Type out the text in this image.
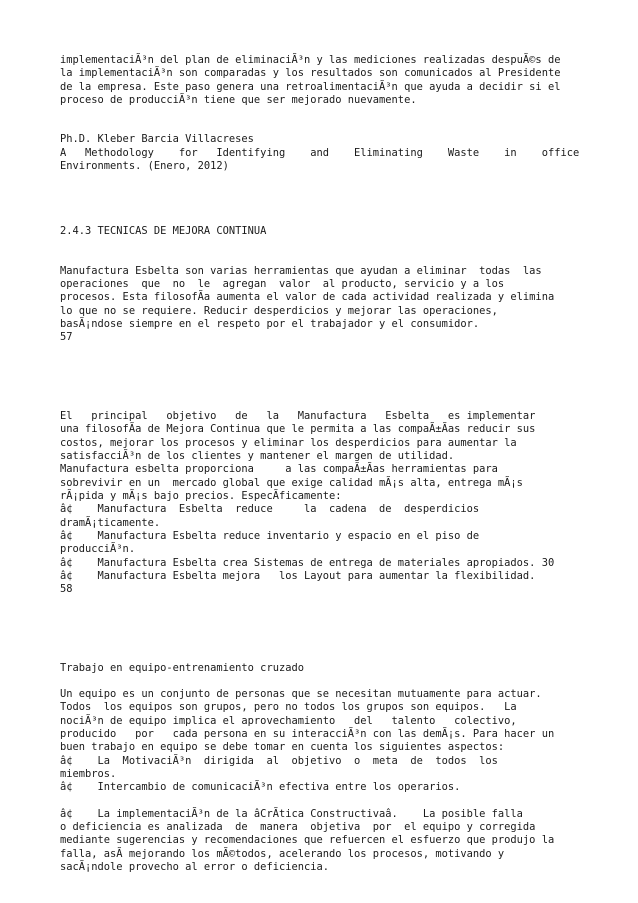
implementaciÃ³n del plan de eliminaciÃ³n y las mediciones realizadas despuÃ©s de

la implementaciÃ³n son comparadas y los resultados son comunicados al Presidente

de la empresa. Este paso genera una retroalimentaciÃ³n que ayuda a decidir si el

proceso de producciÃ³n tiene que ser mejorado nuevamente.

Ph.D. Kleber Barcia Villacreses

A   Methodology    for   Identifying    and    Eliminating    Waste    in    office

Environments. (Enero, 2012)

2.4.3 TECNICAS DE MEJORA CONTINUA

Manufactura Esbelta son varias herramientas que ayudan a eliminar  todas  las

operaciones  que  no  le  agregan  valor  al producto, servicio y a los

procesos. Esta filosofÃa aumenta el valor de cada actividad realizada y elimina

lo que no se requiere. Reducir desperdicios y mejorar las operaciones,

basÃ¡ndose siempre en el respeto por el trabajador y el consumidor.

57

El   principal   objetivo   de   la   Manufactura   Esbelta   es implementar

una filosofÃa de Mejora Continua que le permita a las compaÃ±Ãas reducir sus

costos, mejorar los procesos y eliminar los desperdicios para aumentar la

satisfacciÃ³n de los clientes y mantener el margen de utilidad.

Manufactura esbelta proporciona     a las compaÃ±Ãas herramientas para

sobrevivir en un  mercado global que exige calidad mÃ¡s alta, entrega mÃ¡s

rÃ¡pida y mÃ¡s bajo precios. EspecÃficamente:

â¢    Manufactura  Esbelta  reduce     la  cadena  de  desperdicios

dramÃ¡ticamente.

â¢    Manufactura Esbelta reduce inventario y espacio en el piso de

producciÃ³n.

â¢    Manufactura Esbelta crea Sistemas de entrega de materiales apropiados. 30

â¢    Manufactura Esbelta mejora   los Layout para aumentar la flexibilidad.

58

Trabajo en equipo-entrenamiento cruzado

Un equipo es un conjunto de personas que se necesitan mutuamente para actuar.

Todos  los equipos son grupos, pero no todos los grupos son equipos.   La

nociÃ³n de equipo implica el aprovechamiento   del   talento   colectivo,

producido   por   cada persona en su interacciÃ³n con las demÃ¡s. Para hacer un

buen trabajo en equipo se debe tomar en cuenta los siguientes aspectos:

â¢    La  MotivaciÃ³n  dirigida  al  objetivo  o  meta  de  todos  los

miembros.

â¢    Intercambio de comunicaciÃ³n efectiva entre los operarios.

â¢    La implementaciÃ³n de la âCrÃtica Constructivaâ.    La posible falla

o deficiencia es analizada  de  manera  objetiva  por  el equipo y corregida

mediante sugerencias y recomendaciones que refuercen el esfuerzo que produjo la

falla, asÃ mejorando los mÃ©todos, acelerando los procesos, motivando y

sacÃ¡ndole provecho al error o deficiencia.
